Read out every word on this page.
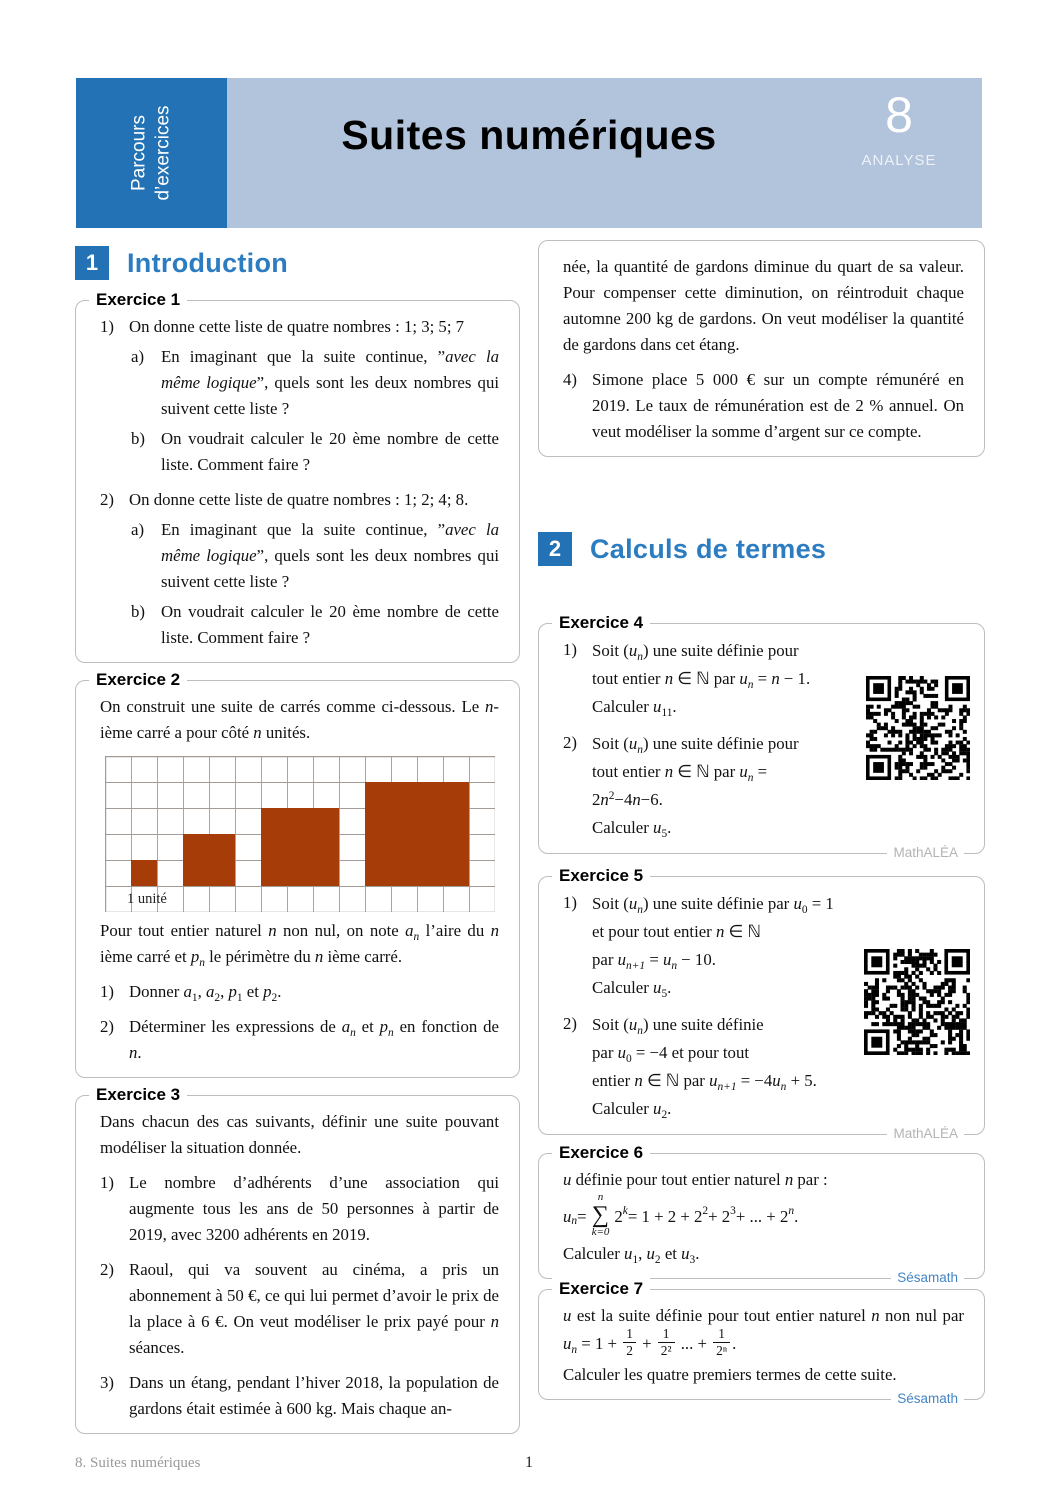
Parcours d’exercices	8
ANALYSE
Suites numériques
1	Introduction
Exercice 1
1) On donne cette liste de quatre nombres : 1; 3; 5; 7
a)	En imaginant que la suite continue, ”avec la même logique”, quels sont les deux nombres qui suivent cette liste ?
b) On voudrait calculer le 20 ème nombre de cette liste. Comment faire ?
2) On donne cette liste de quatre nombres : 1; 2; 4; 8.
a)	En imaginant que la suite continue, ”avec la même logique”, quels sont les deux nombres qui suivent cette liste ?
b) On voudrait calculer le 20 ème nombre de cette liste. Comment faire ?
Exercice 2

On construit une suite de carrés comme ci-dessous. Le n-ième carré a pour côté n unités.

1 unité

Pour tout entier naturel n non nul, on note $a_n$ l’aire du n ième carré et $p_n$ le périmètre du n ième carré.

1) Donner $a_1$, $a_2$, $p_1$ et $p_2$.
2) Déterminer les expressions de $a_n$ et $p_n$ en fonction de n.
Exercice 3

Dans chacun des cas suivants, définir une suite pouvant modéliser la situation donnée.

1) Le nombre d’adhérents d’une association qui augmente tous les ans de 50 personnes à partir de 2019, avec 3200 adhérents en 2019.
2) Raoul, qui va souvent au cinéma, a pris un abonnement à 50 €, ce qui lui permet d’avoir le prix de la place à 6 €. On veut modéliser le prix payé pour n séances.
3) Dans un étang, pendant l’hiver 2018, la population de gardons était estimée à 600 kg. Mais chaque an-

née, la quantité de gardons diminue du quart de sa valeur. Pour compenser cette diminution, on réintroduit chaque automne 200 kg de gardons. On veut modéliser la quantité de gardons dans cet étang.

4) Simone place 5 000 € sur un compte rémunéré en 2019. Le taux de rémunération est de 2 % annuel. On veut modéliser la somme d’argent sur ce compte.
2	Calculs de termes
Exercice 4
1) Soit $(u_n)$ une suite définie pour
tout entier n ∈ ℕ par $u_n = n - 1$.
Calculer $u_{11}$.
2) Soit $(u_n)$ une suite définie pour
tout entier n ∈ ℕ par $u_n$ =
$2n^2-4n-6$.
Calculer $u_5$.
MathALÉA
Exercice 5
1) Soit $(u_n)$ une suite définie par $u_0 = 1$
et pour tout entier n ∈ ℕ
par $u_{n+1} = u_n - 10$.
Calculer $u_5$.
2) Soit $(u_n)$ une suite définie
par $u_0 = -4$ et pour tout
entier n ∈ ℕ par $u_{n+1} = -4u_n + 5$.
Calculer $u_2$.
MathALÉA
Exercice 6

u définie pour tout entier naturel n par :

u n =
n
∑
k=0
2 k = 1 + 2 + 2 2 + 2 3 + ... + 2 n .

Calculer $u_1$, $u_2$ et $u_3$.

Sésamath
Exercice 7

u est la suite définie pour tout entier naturel n non nul par $u_n = 1 + \frac{1}{2} + \frac{1}{\text{2²}}$ ... + $\frac{1}{\text{2ⁿ}}$ .

Calculer les quatre premiers termes de cette suite.

Sésamath
1
8. Suites numériques
